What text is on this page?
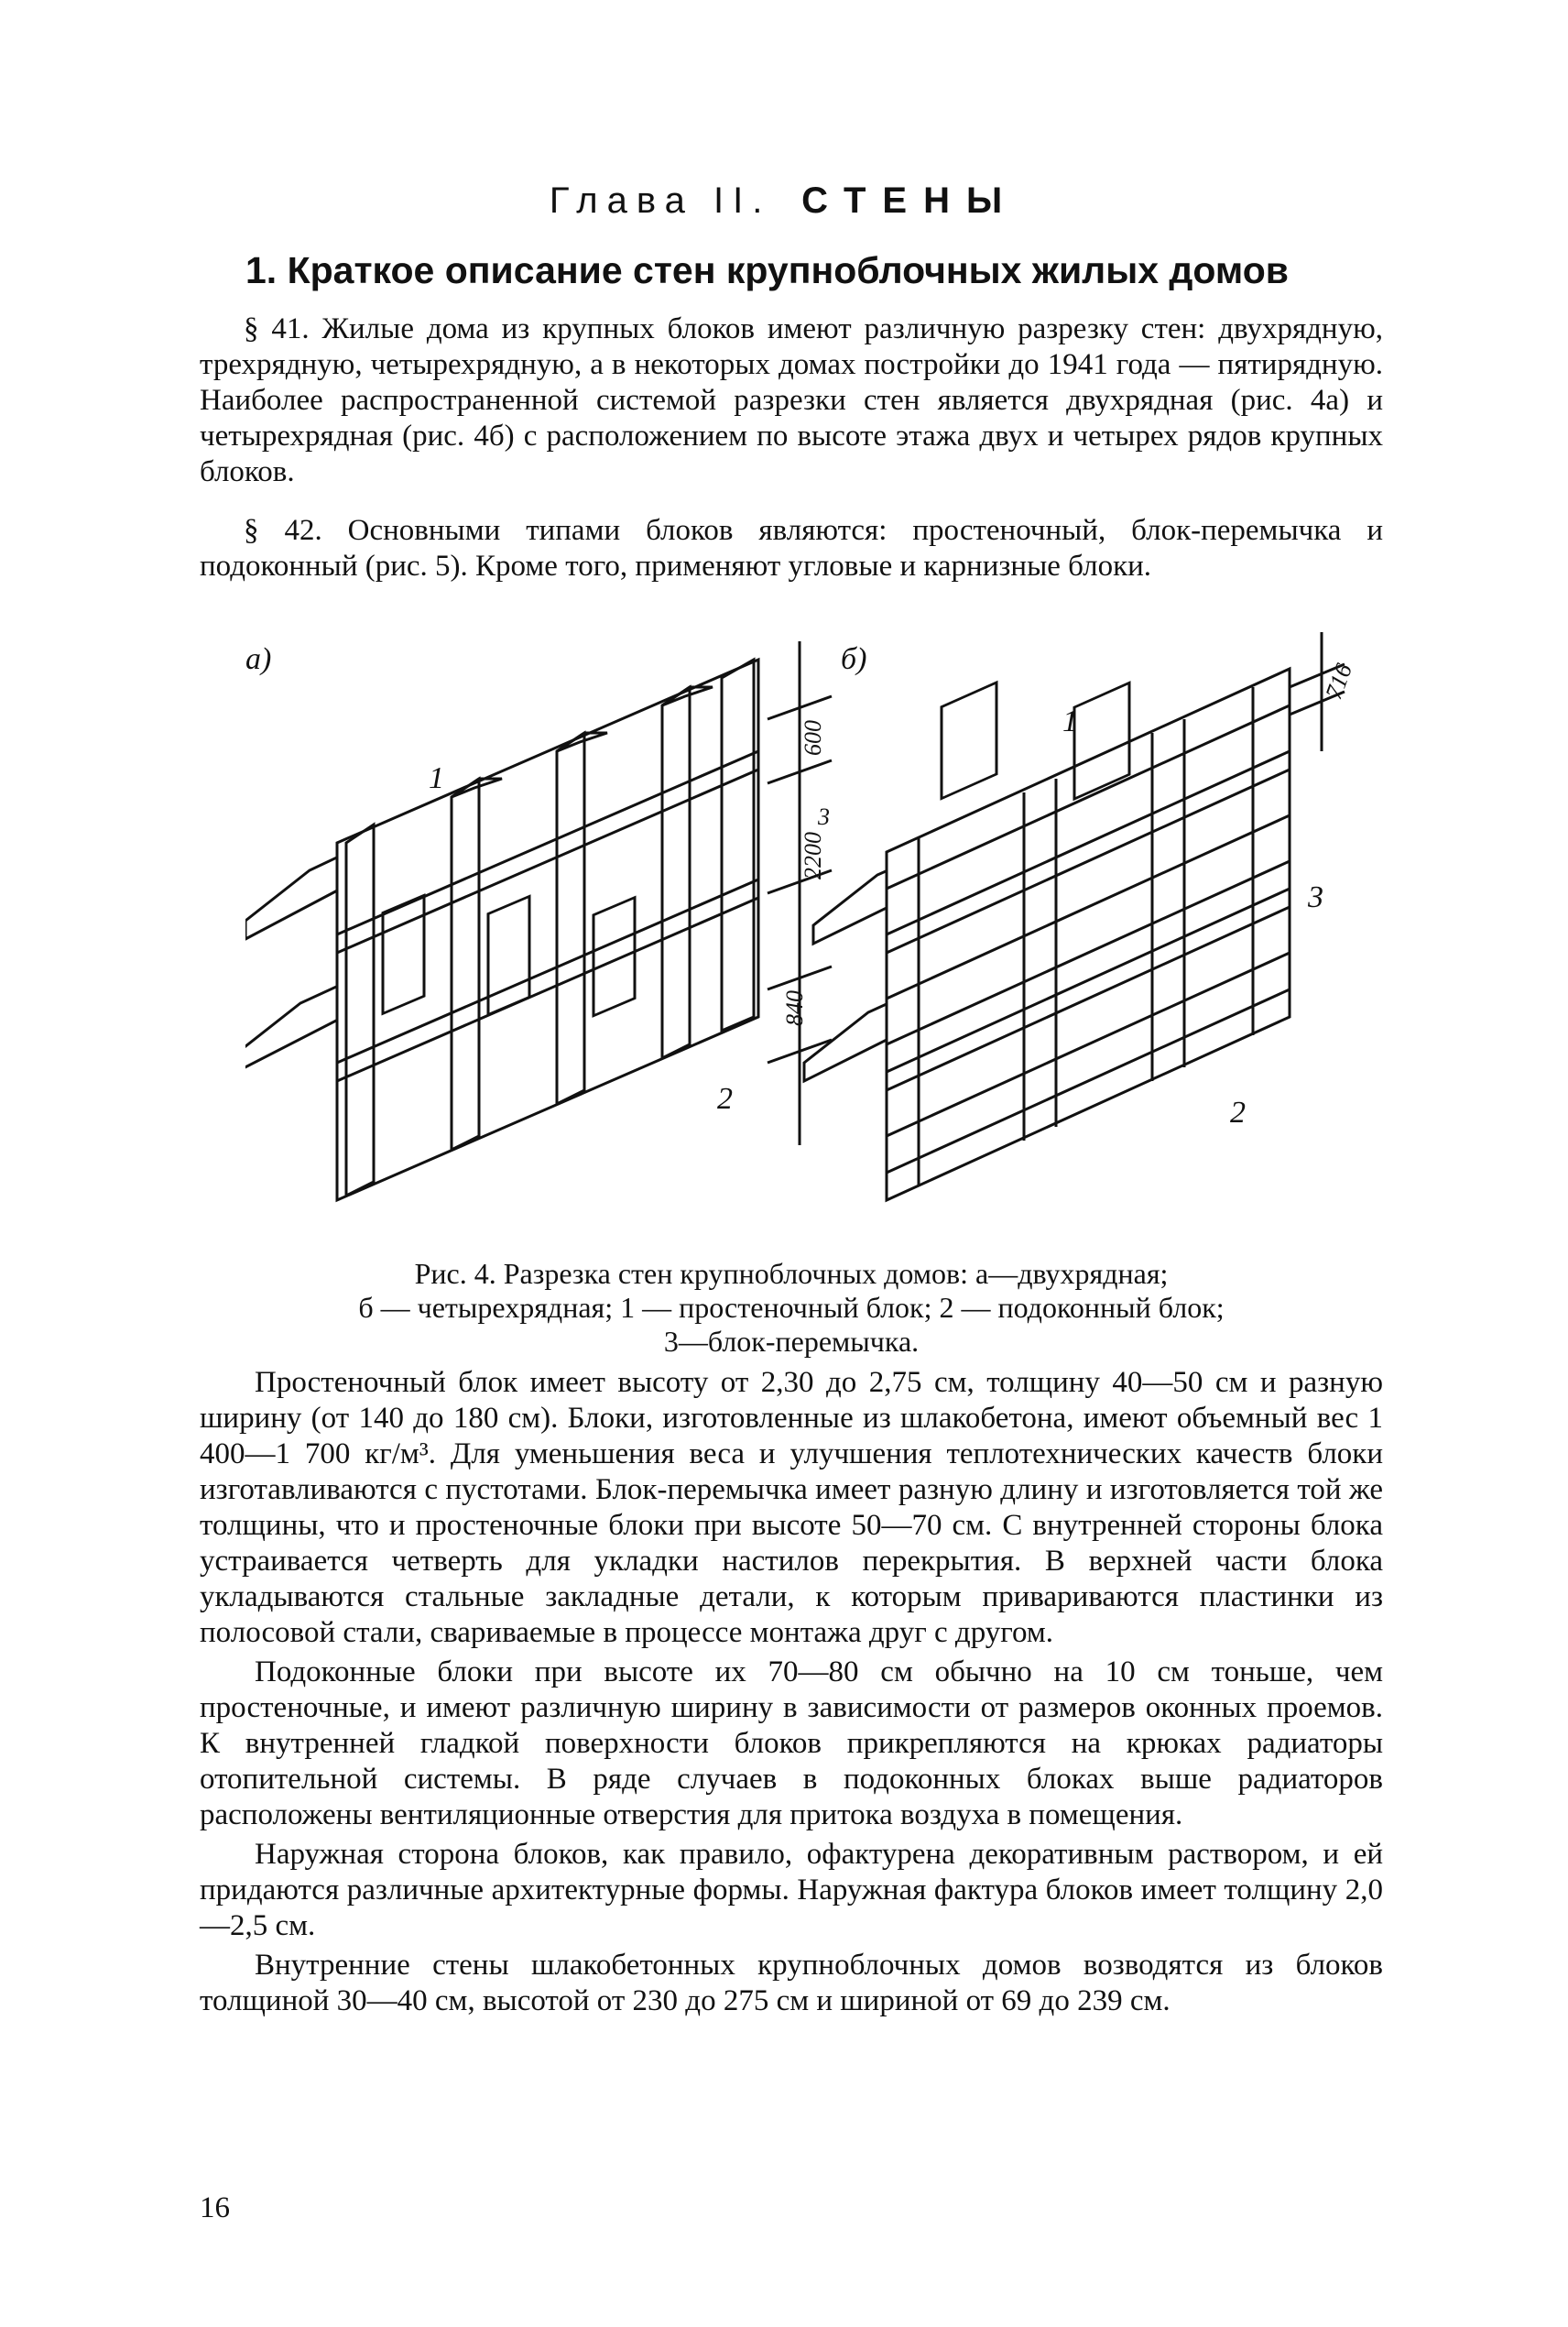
Глава II. СТЕНЫ
1. Краткое описание стен крупноблочных жилых домов

§ 41. Жилые дома из крупных блоков имеют различную разрезку стен: двухрядную, трехрядную, четырехрядную, а в некоторых домах постройки до 1941 года — пятирядную. Наиболее распространенной системой разрезки стен является двухрядная (рис. 4а) и четырехрядная (рис. 4б) с расположением по высоте этажа двух и четырех рядов крупных блоков.

§ 42. Основными типами блоков являются: простеночный, блок-перемычка и подоконный (рис. 5). Кроме того, применяют угловые и карнизные блоки.

а)
1
2
3
600
2200
840
б)
1
3
2
716
Рис. 4. Разрезка стен крупноблочных домов: а—двухрядная;
б — четырехрядная; 1 — простеночный блок; 2 — подоконный блок;
3—блок-перемычка.

Простеночный блок имеет высоту от 2,30 до 2,75 см, толщину 40—50 см и разную ширину (от 140 до 180 см). Блоки, изготовленные из шлакобетона, имеют объемный вес 1 400—1 700 кг/м³. Для уменьшения веса и улучшения теплотехнических качеств блоки изготавливаются с пустотами. Блок-перемычка имеет разную длину и изготовляется той же толщины, что и простеночные блоки при высоте 50—70 см. С внутренней стороны блока устраивается четверть для укладки настилов перекрытия. В верхней части блока укладываются стальные закладные детали, к которым привариваются пластинки из полосовой стали, свариваемые в процессе монтажа друг с другом.

Подоконные блоки при высоте их 70—80 см обычно на 10 см тоньше, чем простеночные, и имеют различную ширину в зависимости от размеров оконных проемов. К внутренней гладкой поверхности блоков прикрепляются на крюках радиаторы отопительной системы. В ряде случаев в подоконных блоках выше радиаторов расположены вентиляционные отверстия для притока воздуха в помещения.

Наружная сторона блоков, как правило, офактурена декоративным раствором, и ей придаются различные архитектурные формы. Наружная фактура блоков имеет толщину 2,0—2,5 см.

Внутренние стены шлакобетонных крупноблочных домов возводятся из блоков толщиной 30—40 см, высотой от 230 до 275 см и шириной от 69 до 239 см.

16
